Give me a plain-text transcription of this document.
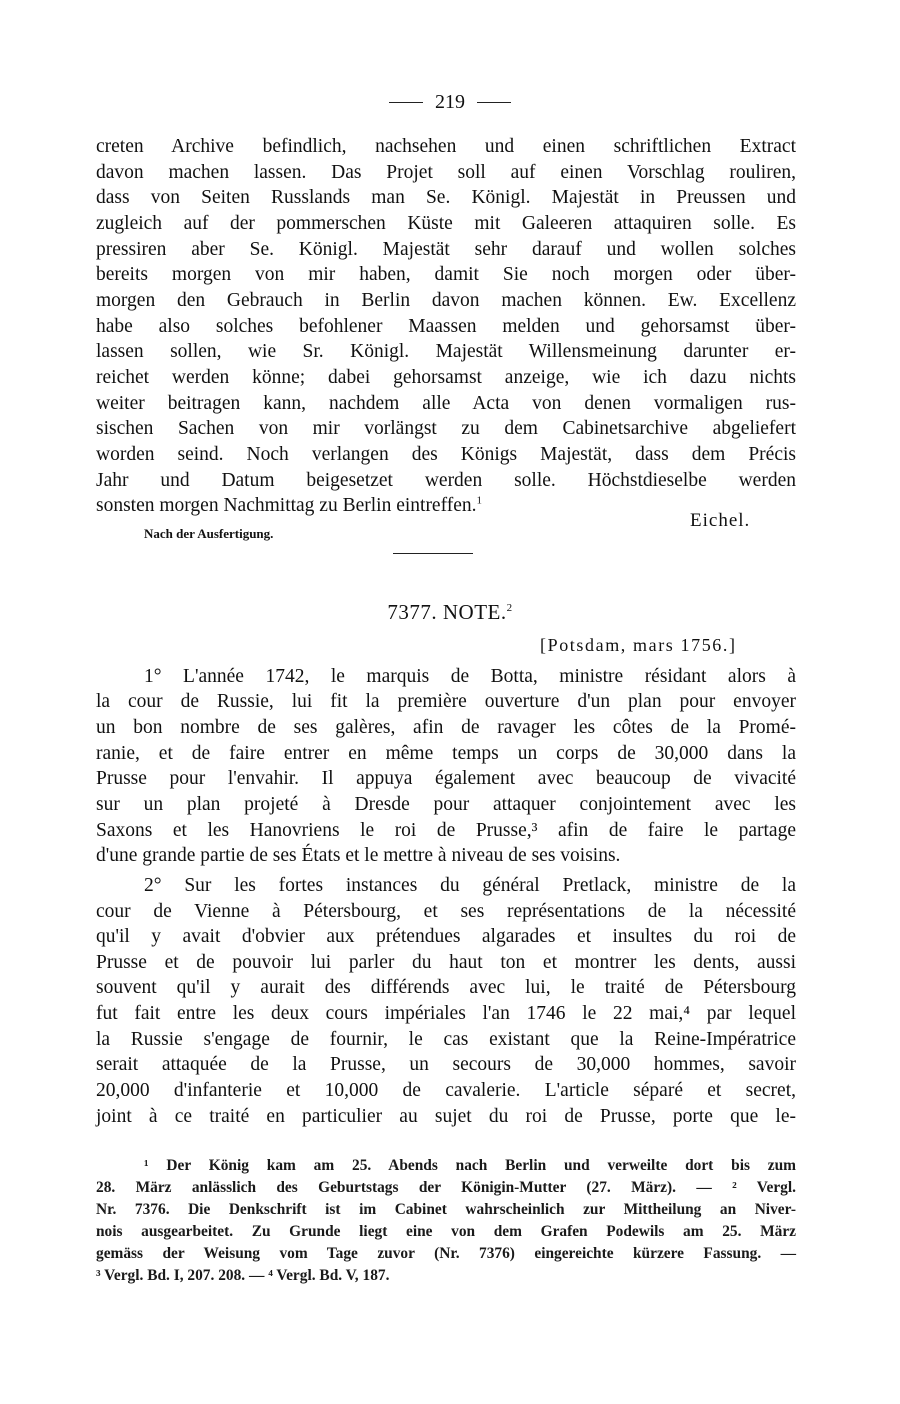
219
creten Archive befindlich, nachsehen und einen schriftlichen Extract
davon machen lassen. Das Projet soll auf einen Vorschlag rouliren,
dass von Seiten Russlands man Se. Königl. Majestät in Preussen und
zugleich auf der pommerschen Küste mit Galeeren attaquiren solle. Es
pressiren aber Se. Königl. Majestät sehr darauf und wollen solches
bereits morgen von mir haben, damit Sie noch morgen oder über-
morgen den Gebrauch in Berlin davon machen können. Ew. Excellenz
habe also solches befohlener Maassen melden und gehorsamst über-
lassen sollen, wie Sr. Königl. Majestät Willensmeinung darunter er-
reichet werden könne; dabei gehorsamst anzeige, wie ich dazu nichts
weiter beitragen kann, nachdem alle Acta von denen vormaligen rus-
sischen Sachen von mir vorlängst zu dem Cabinetsarchive abgeliefert
worden seind. Noch verlangen des Königs Majestät, dass dem Précis
Jahr und Datum beigesetzet werden solle. Höchstdieselbe werden
sonsten morgen Nachmittag zu Berlin eintreffen.$^1$
Eichel.
Nach der Ausfertigung.
7377. NOTE.$^2$
[Potsdam, mars 1756.]
1° L'année 1742, le marquis de Botta, ministre résidant alors à
la cour de Russie, lui fit la première ouverture d'un plan pour envoyer
un bon nombre de ses galères, afin de ravager les côtes de la Promé-
ranie, et de faire entrer en même temps un corps de 30,000 dans la
Prusse pour l'envahir. Il appuya également avec beaucoup de vivacité
sur un plan projeté à Dresde pour attaquer conjointement avec les
Saxons et les Hanovriens le roi de Prusse,³ afin de faire le partage
d'une grande partie de ses États et le mettre à niveau de ses voisins.
2° Sur les fortes instances du général Pretlack, ministre de la
cour de Vienne à Pétersbourg, et ses représentations de la nécessité
qu'il y avait d'obvier aux prétendues algarades et insultes du roi de
Prusse et de pouvoir lui parler du haut ton et montrer les dents, aussi
souvent qu'il y aurait des différends avec lui, le traité de Pétersbourg
fut fait entre les deux cours impériales l'an 1746 le 22 mai,⁴ par lequel
la Russie s'engage de fournir, le cas existant que la Reine-Impératrice
serait attaquée de la Prusse, un secours de 30,000 hommes, savoir
20,000 d'infanterie et 10,000 de cavalerie. L'article séparé et secret,
joint à ce traité en particulier au sujet du roi de Prusse, porte que le-
¹ Der König kam am 25. Abends nach Berlin und verweilte dort bis zum
28. März anlässlich des Geburtstags der Königin-Mutter (27. März). — ² Vergl.
Nr. 7376. Die Denkschrift ist im Cabinet wahrscheinlich zur Mittheilung an Niver-
nois ausgearbeitet. Zu Grunde liegt eine von dem Grafen Podewils am 25. März
gemäss der Weisung vom Tage zuvor (Nr. 7376) eingereichte kürzere Fassung. —
³ Vergl. Bd. I, 207. 208. — ⁴ Vergl. Bd. V, 187.
